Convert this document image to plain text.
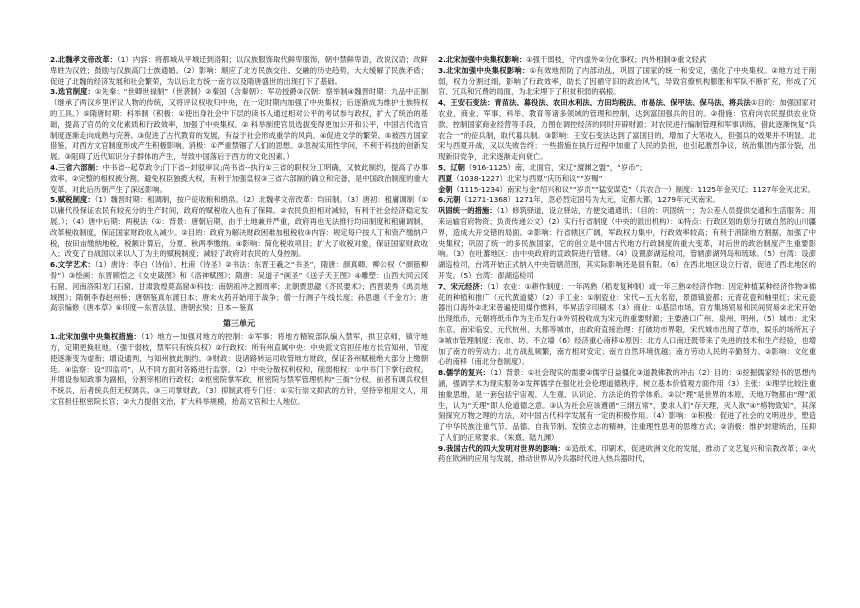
2.北魏孝文帝改革：（1）内容：将都城从平城迁到洛阳；以汉族服饰取代鲜卑服饰，朝中禁鲜卑语，改说汉语；改鲜卑姓为汉姓；鼓励与汉族高门士族通婚。（2）影响：顺应了北方民族交往、交融的历史趋势，大大缓解了民族矛盾；促进了北魏的经济发展和社会繁荣，为以后北方统一南方以及隋唐盛世的出现打下了基础。

3.选官制度：①先秦：“世卿世禄制”（世袭制）②秦国（含秦朝）：军功授爵③汉朝：察举制④魏晋时期：九品中正制（继承了两汉乡里评议人物的传统，又将评议权收归中央，在一定时期内加强了中央集权；后逐渐成为维护士族特权的工具。）⑤隋唐时期：科举制（积极：①使出身社会中下层的读书人通过相对公平的考试参与政权，扩大了统治的基础，提高了官员的文化素质和行政效率，加强了中央集权。② 科举制使官员选拔变得更加公开和公平，中国古代选官制度逐渐走向成熟与完善。③促进了古代教育的发展，有益于社会形成重学的风尚。④促进文学的繁荣。⑤被西方国家借鉴，对西方文官制度形成产生积极影响。消极：①严重禁锢了人们的思想。②忽视实用性学问，不利于科技的创新发展。③阻碍了近代知识分子群体的产生，导致中国落后于西方的文化因素。）

4.三省六部制：中书省--起草政令;门下省--封驳审议;尚书省--执行①三省的职权分工明确，又彼此制约，提高了办事效率。②完整的相权被分割，避免权臣独揽大权，有利于加强皇权③三省六部制的确立和完备，是中国政治制度的重大变革，对此后历朝产生了深远影响。

5.赋税制度：（1）魏晋时期：租调制，按户征收粮和绢帛。（2）北魏孝文帝改革：均田制。（3）唐初：租庸调制（①以庸代役保证农民有较充分的生产时间，政府的赋税收入也有了保障。②农民负担相对减轻，有利于社会经济稳定发展。）；（4）唐中后期：两税法（①：背景：唐朝后期，由于土地兼并严重，政府再也无法推行均田制度和租庸调制，改革税收制度，保证国家财政收入减少。②目的：政府为解决财政困难加租税收③内容：规定每户按人丁和资产缴纳户税，按田亩缴纳地税，税额计算后，分夏、秋两季缴纳。④影响：简化税收项目；扩大了收税对象，保证国家财政收入；改变了自战国以来以人丁为主的赋税制度；减轻了政府对农民的人身控制。

6.文学艺术：（1）唐诗：李白（诗仙）、杜甫（诗圣）②书法：东晋王羲之“书圣”，隋唐：颜真卿、柳公权（“颜筋柳骨”）③绘画：东晋顾恺之《女史箴图》和《洛神赋图》；隋唐：吴道子“画圣”《送子天王图》④雕塑：山西大同云冈石窟、河南洛阳龙门石窟、甘肃敦煌莫高窟⑤科技：南朝祖冲之圆周率；北朝贾思勰《齐民要术》；西晋裴秀《禹贡地域图》；隋朝李春赵州桥；唐朝鉴真东渡日本；唐末火药开始用于战争；僧一行测子午线长度；孙思邈《千金方》；唐高宗编修《唐本草》⑥印度—东晋法显、唐朝玄奘；日本—鉴真

第三单元

1.北宋加强中央集权措施：（1）地方—加强对地方的控制：①军事：将地方精锐部队编入禁军，拱卫京师，镇守地方，定期更换驻地。（强干弱枝，禁军只有统兵权）②行政权：所有州直属中央：中央派文官担任地方长官知州，节度使逐渐变为虚衔；增设通判，与知州彼此制约。③财政：设诸路转运司收管地方财政，保证各州赋税绝大部分上缴朝廷。④监察：设“四监司”，从不同方面对各路进行监察。（2）中央分散权利权和，削弱相权：①中书门下掌行政权，并增设参知政事为副相，分割宰相的行政权；②枢密院掌军政，枢密院与禁军管理机构“三衙”分权，前者有调兵权但不统兵，后者统兵但无权调兵。③三司掌财政。（3）抑制武将专门任：①实行崇文抑武的方针，坚持宰相用文人，用文官担任枢密院长官；②大力提倡文治，扩大科举规模，抬高文官和士人地位。

2.北宋加强中央集权影响：①强干弱枝，守内虚外②分化事权；内外相制③重文轻武

3.北宋加强中央集权影响：①有效地预防了内部动乱，巩固了国家的统一和安定，强化了中央集权。②地方过于削弱，权力分割过细，影响了行政效率，助长了因循守旧的政治风气，导致官僚机构膨胀和军队不断扩充，形成了冗官、冗兵和冗费的局面，为北宋埋下了积贫积弱的祸根。

4、王安石变法：青苗法、募役法、农田水利法、方田均税法、市易法、保甲法、保马法、将兵法①目的：加强国家对农业、商业、军事、科举、教育等诸多领域的管理和控制，达到富国强兵的目的。②措施：官府向农民提供农业贷款、控制国家商业经营等手段，力图在调控经济的同时开辟财源；对农民进行编制管理和军事训练，借此逐渐恢复“兵农合一”的征兵制，取代募兵制。③影响：王安石变法达到了富国目的，增加了大笔收入，但强兵的效果并不明显。北宋与西夏开战，又以失败告终；一些措施在执行过程中加重了人民的负担，也引起激烈争议，统治集团内部分裂，出现新旧党争，北宋逐渐走向衰亡。

5、辽朝（916-1125）南、北面官，宋辽“澶渊之盟”，“岁币”；

西夏（1038-1227）北宋与西夏“庆历和议”“岁赐”

金朝（1115-1234）南宋与金“绍兴和议”“岁贡”“猛安谋克”（兵农合一）制度：1125年金灭辽；1127年金灭北宋。

6.元朝（1271-1368）1271年，忽必烈定国号为大元，定都大都，1279年元灭南宋。

巩固统一的措施：（1）修筑驿道，设立驿站，方便交通通讯；（目的：巩固统一；为公差人员提供交通和生活服务；用来运输官府物资；负责传递公文）（2）实行行省制度（中央的派出机构）：①特点：行政区划的划分打破自然的山川疆界，造成大开交错的局面。②影响：行省辖区广阔，军政权力集中，行政效率较高；有利于消除地方割据，加强了中央集权；巩固了统一的多民族国家，它的创立是中国古代地方行政制度的重大变革，对后世的政治制度产生重要影响。（3）在吐蕃地区：由中央政府的宣政院进行管辖。（4）设置澎湖巡检司，管辖澎湖列岛和琉球。（5）台湾：设澎湖巡检司，台湾开始正式纳入中央管辖范围，其实际影响还是很有限。（6）在西北地区设立行省，促进了西北地区的开发。（5）台湾：澎湖巡检司

7、宋元经济：（1）农业：①耕作制度：一年两熟（稻麦复种制）或一年三熟②经济作物：因定种植某种经济作物③棉花的种植和推广（元代黄道婆）（2）手工业：①制瓷业：宋代—五大名窑，景德镇瓷都；元青花瓷和釉里红；宋元瓷器出口海外②北宋普遍使用煤作燃料，毕昇活字印刷术（3）商业：①基层市场，官方集场贸易和民间贸易②北宋开始出现纸币，元朝将纸币作为主币发行③外贸税收成为宋元的重要财源；主要港口广州、泉州、明州。（5）城市：北宋东京，南宋临安，元代杭州、大都等城市，由政府直接治理：打破坊市界限，宋代城市出现了草市，娱乐的场所瓦子③城市管理制度：夜市、坊、不立墙（6）经济重心南移①原因：北方人口南迁既带来了先进的技术和生产经验，也增加了南方的劳动力；北方战乱频繁，南方相对安定；南方自然环境优越；南方劳动人民的辛勤努力。②影响：文化重心的南移（南北分卷制度）。

8.儒学的复兴：（1）背景：①社会现实的需要②儒学日益僵化③道教佛教的冲击（2）目的：①挖掘儒家经书的思想内涵，强调学术为现实服务②发挥儒学在强化社会伦理道德秩序，树立基本价值观方面作用（3）主张：①理学比较注重抽象思维，是一套包括宇宙观、人生观、认识论、方法论的哲学体系。②以“理”是世界的本原，天地万物都由“理”派生，认为“天理”即人伦道德之意。③认为社会应该遵循“三纲五常”，要求人们“存天理，灭人欲”④“格物致知”，其深刻探究万物之理的方法，对中国古代科学发展有一定的积极作用。（4）影响：①积极：促进了社会的文明进步，塑造了中华民族注重气节、品德、自我节制、发愤立志的精神，注重理性思考的思维方式；②消极：维护封建统治，压抑了人们的正常要求。（朱熹、陆九渊）

9.我国古代的四大发明对世界的影响：①造纸术、印刷术，促进欧洲文化的发展，推动了文艺复兴和宗教改革；②火药在欧洲的应用与发展，推动世界从冷兵器时代进入热兵器时代，
